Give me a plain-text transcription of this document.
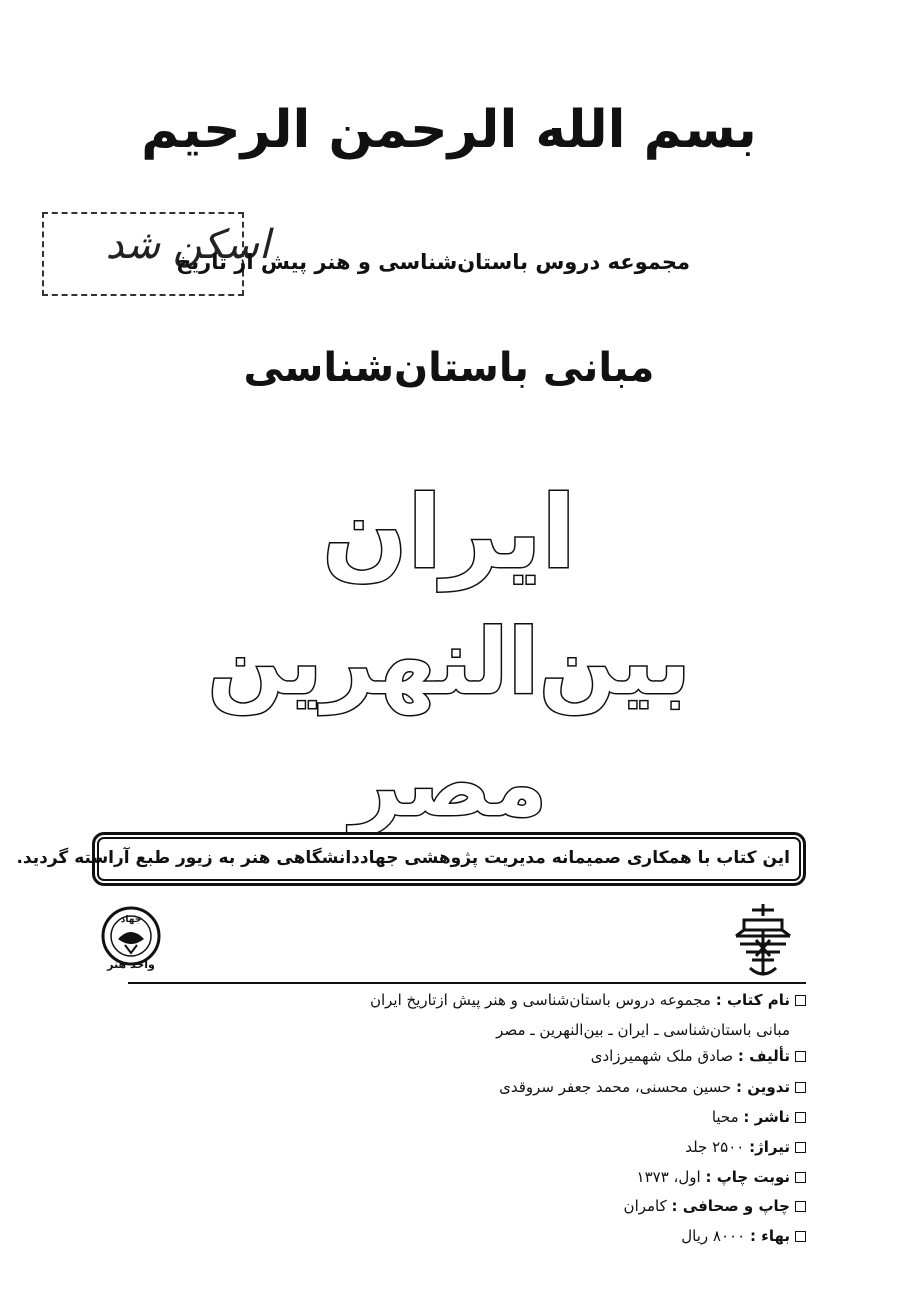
بسم الله الرحمن الرحیم
اسکن شد
مجموعه دروس باستان‌شناسی و هنر پیش از تاریخ
مبانی باستان‌شناسی
ایران
بین‌النهرین
مصر
این کتاب با همکاری صمیمانه مدیریت پژوهشی جهاددانشگاهی هنر به زیور طبع آراسته گردید.
جهاد
واحد هنر
نام کتاب : مجموعه دروس باستان‌شناسی و هنر پیش ازتاریخ ایران
مبانی باستان‌شناسی ـ ایران ـ بین‌النهرین ـ مصر
تألیف : صادق ملک شهمیرزادی
تدوین : حسین محسنی، محمد جعفر سروقدی
ناشر : محیا
تیراژ: ۲۵۰۰ جلد
نوبت چاپ : اول، ۱۳۷۳
چاپ و صحافی : کامران
بهاء : ۸۰۰۰ ریال
